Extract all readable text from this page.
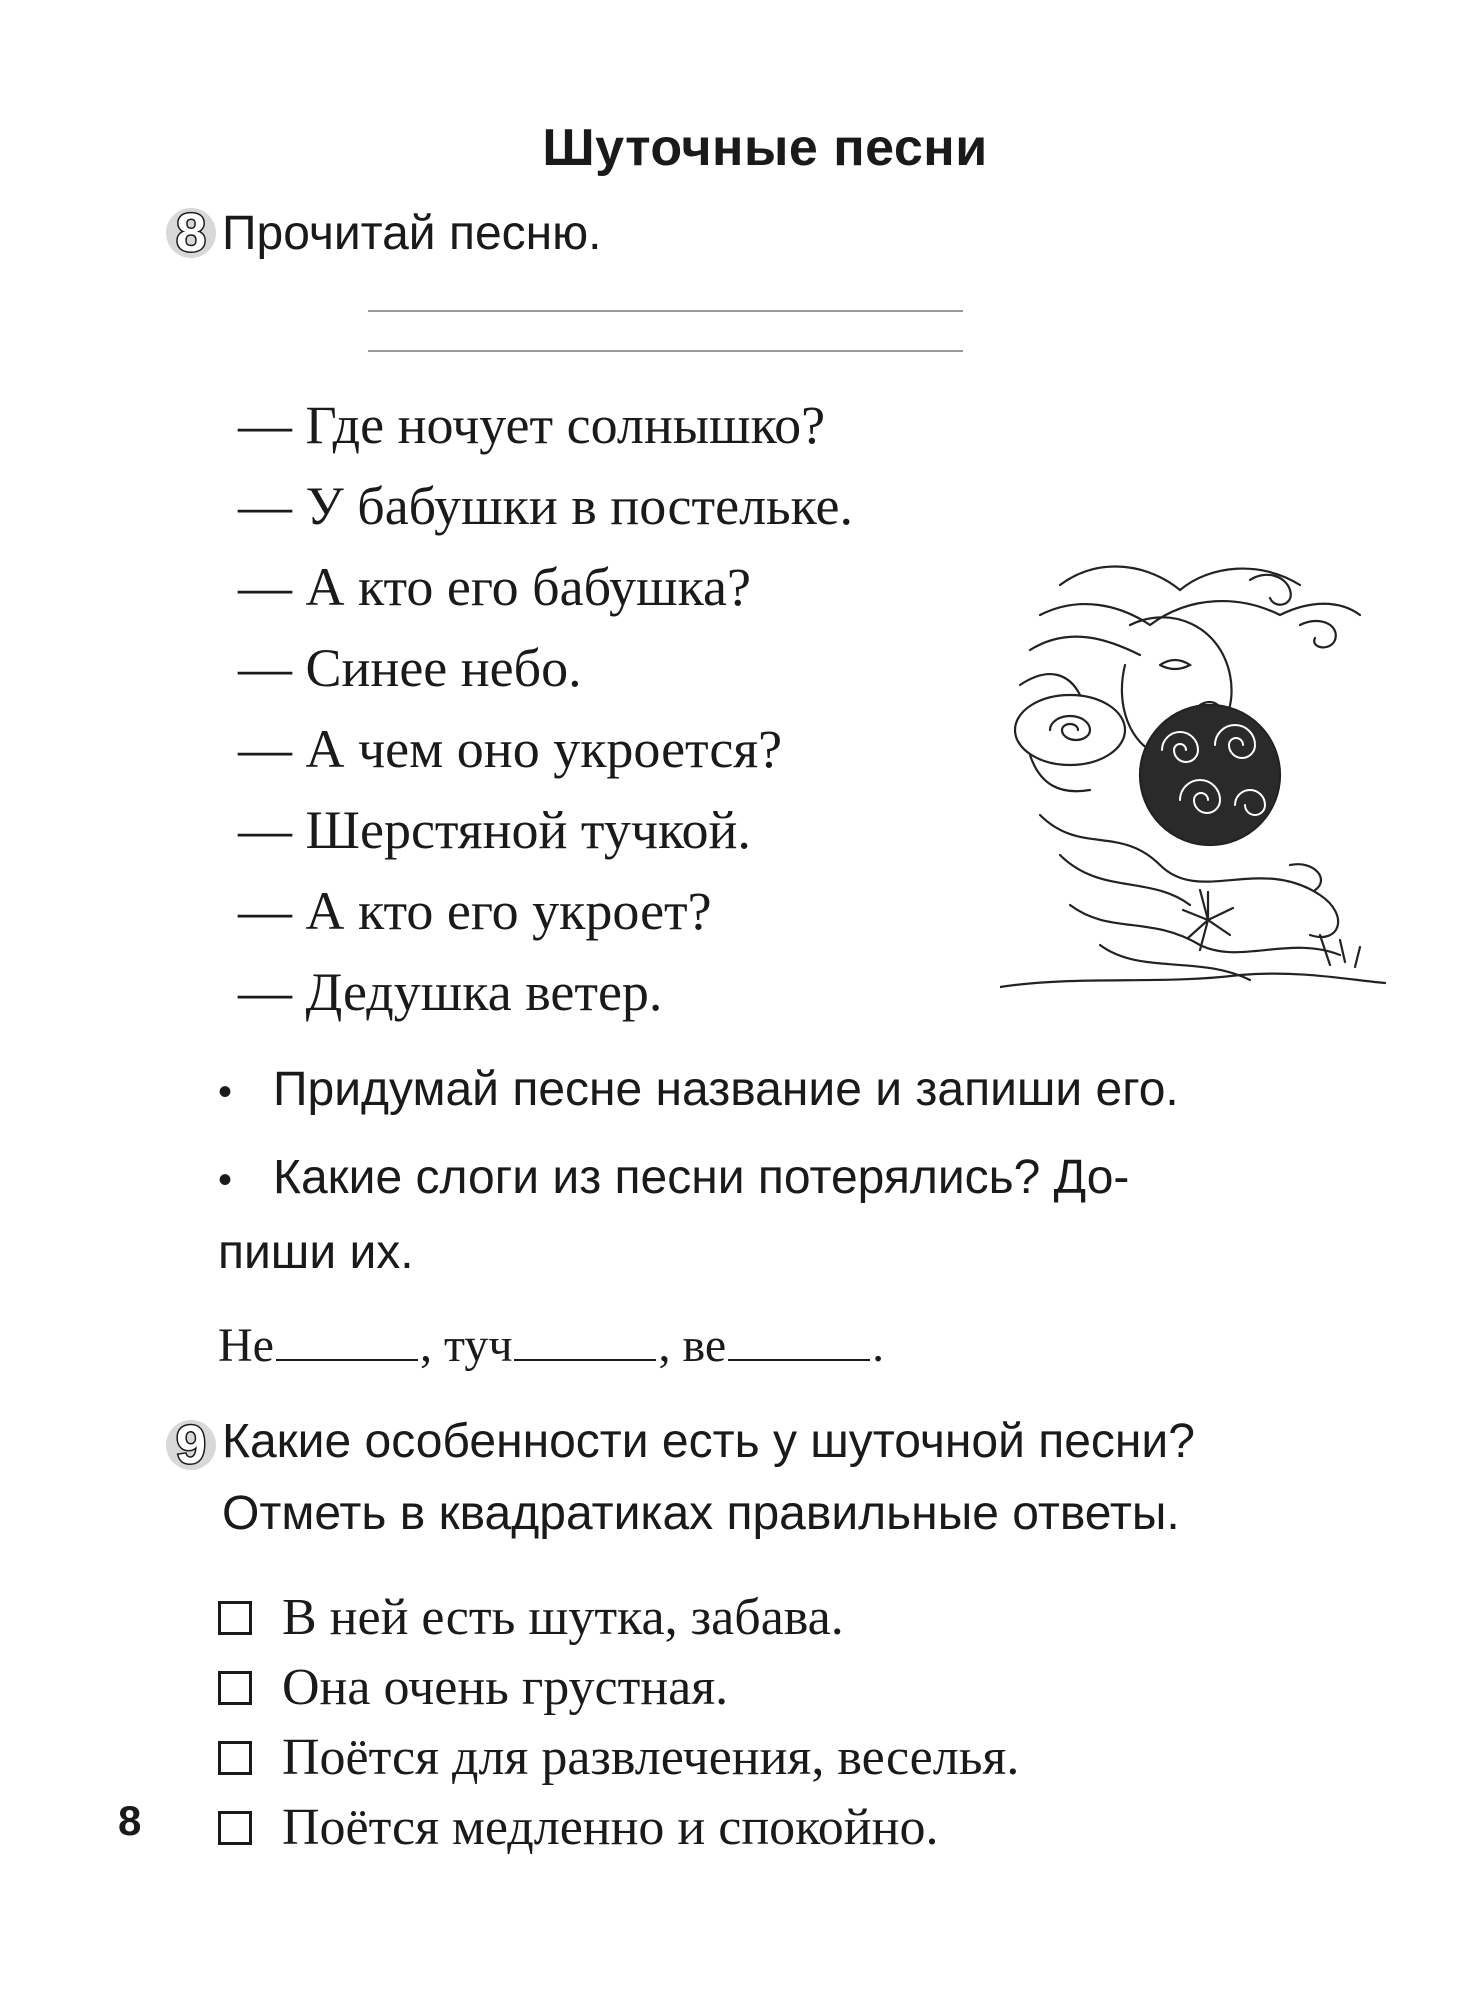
Шуточные песни
8 Прочитай песню.
— Где ночует солнышко?
— У бабушки в постельке.
— А кто его бабушка?
— Синее небо.
— А чем оно укроется?
— Шерстяной тучкой.
— А кто его укроет?
— Дедушка ветер.
• Придумай песне название и запиши его.
• Какие слоги из песни потерялись? До-
пиши их.
Не	, туч	, ве	.
9 Какие особенности есть у шуточной песни?
Отметь в квадратиках правильные ответы.
В ней есть шутка, забава.
Она очень грустная.
Поётся для развлечения, веселья.
Поётся медленно и спокойно.
8
